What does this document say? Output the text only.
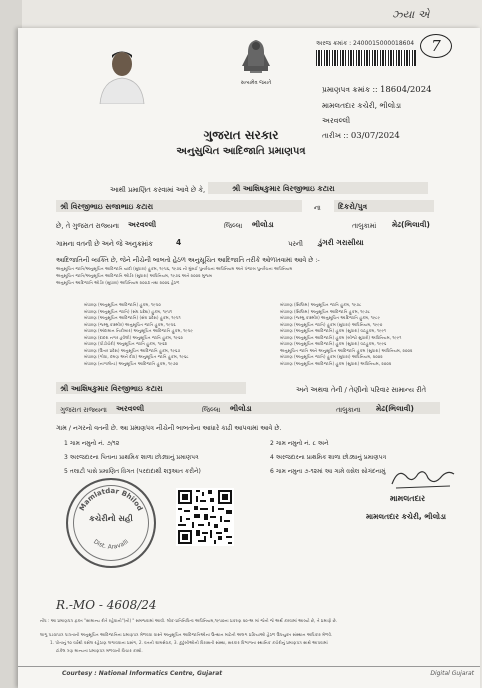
ઝ્યા એ
7
અરજ ક્રમાંક : 2400015000018604
સત્યમેવ જયતે
પ્રમાણપત્ર ક્રમાંક :: 18604/2024
મામલતદાર કચેરી, ભીલોડા
અરવલ્લી
તારીખ :: 03/07/2024
ગુજરાત સરકાર
અનુસુચિત આદિજાતિ પ્રમાણપત્ર
આથી પ્રમાણિત કરવામાં આવે છે કે,	શ્રી આશિષકુમાર વિરજીભાઇ કટારા
શ્રી વિરજીભાઇ સજાભાઇ કટારા	ના દિકરો/પુત્ર
છે, તે ગુજરાત રાજ્યના અરવલ્લી	જિલ્લા ભીલોડા	તાલુકામાં મેઢ(ભિલાવી)
ગામના વતની છે અને જે અનુક્રમાંક	4	પરની ડુંગરી ગરાસીયા
આદિજાતિની વ્યક્તિ છે, જેને નીચેની બાબતો હેઠળ અનુસૂચિત આદિજાતિ તરીકે ઓળખવામાં આવે છે :-
અનુસૂચિત જાતિ/અનુસૂચિત આદિજાતિ યાદી (સુધારા) હુકમ, ૧૯૫૬, ૧૯૭૬ નો મુંબઈ પુનર્રચના અધિનિયમ અને પંજાબ પુનર્રચના અધિનિયમ
અનુસૂચિત જાતિ/અનુસૂચિત આદિજાતિ ઓર્ડર (સુધારા) અધિનિયમ, ૧૯૭૬ અને ૨૦૦૨ મુજબ
અનુસૂચિત આદિજાતિ ઓર્ડર (સુધારા) અધિનિયમ ૨૦૦૩ તથા ૨૦૦૬ હેઠળ
બંધારણ (અનુસૂચિત આદિજાતિ) હુકમ, ૧૯૫૦
બંધારણ (અનુસૂચિત જાતિ) (સંઘ પ્રદેશ) હુકમ, ૧૯૫૧
બંધારણ (અનુસૂચિત આદિજાતિ) (સંઘ પ્રદેશ) હુકમ, ૧૯૫૧
બંધારણ (જમ્મુ કાશ્મીર) અનુસૂચિત જાતિ હુકમ, ૧૯૫૬
બંધારણ (અંદામાન નિકોબાર) અનુસૂચિત આદિજાતિ હુકમ, ૧૯૫૯
બંધારણ (દાદરા નગર હવેલી) અનુસૂચિત જાતિ હુકમ, ૧૯૬૨
બંધારણ (પોંડીચેરી) અનુસૂચિત જાતિ હુકમ, ૧૯૬૪
બંધારણ (ઉત્તર પ્રદેશ) અનુસૂચિત આદિજાતિ હુકમ, ૧૯૬૭
બંધારણ (ગોવા, દમણ અને દીવ) અનુસૂચિત જાતિ હુકમ, ૧૯૬૮
બંધારણ (નાગાલેન્ડ) અનુસૂચિત આદિજાતિ હુકમ, ૧૯૭૦
બંધારણ (સિક્કિમ) અનુસૂચિત જાતિ હુકમ, ૧૯૭૮
બંધારણ (સિક્કિમ) અનુસૂચિત આદિજાતિ હુકમ, ૧૯૭૮
બંધારણ (જમ્મુ કાશ્મીર) અનુસૂચિત આદિજાતિ હુકમ, ૧૯૮૯
બંધારણ (અનુસૂચિત જાતિ) હુકમ (સુધારા) અધિનિયમ, ૧૯૯૦
બંધારણ (અનુસૂચિત આદિજાતિ) હુકમ (સુધારા) વટહુકમ, ૧૯૯૧
બંધારણ (અનુસૂચિત આદિજાતિ) હુકમ (બીજો સુધારો) અધિનિયમ, ૧૯૯૧
બંધારણ (અનુસૂચિત આદિજાતિ) હુકમ (સુધારા) વટહુકમ, ૧૯૯૬
અનુસૂચિત જાતિ અને અનુસૂચિત આદિજાતિ હુકમ (સુધારા) અધિનિયમ, ૨૦૦૨
બંધારણ (અનુસૂચિત જાતિ) હુકમ (સુધારા) અધિનિયમ, ૨૦૦૨
બંધારણ (અનુસૂચિત આદિજાતિ) હુકમ (સુધારા) અધિનિયમ, ૨૦૦૨
શ્રી આશિષકુમાર વિરજીભાઇ કટારા	અને અથવા તેની / તેણીનો પરિવાર સામાન્ય રીતે
ગુજરાત રાજ્યના અરવલ્લી	જિલ્લા ભીલોડા	તાલુકાના મેઢ(ભિલાવી)
ગામ / નગરનો વતની છે. આ પ્રમાણપત્ર નીચેની બાબતોના આધારે કાઢી આપવામાં આવે છે.
1 ગામ નમુનો નં. ૭/૧૨	2 ગામ નમુનો નં. ૮ અને
3 અરજદારના પિતાના પ્રાથમિક શાળા છોડ્યાનું પ્રમાણપત્ર	4 અરજદારના પ્રાથમિક શાળા છોડ્યાનું પ્રમાણપત્ર
5 તલાટી પાસે પ્રમાણિત વિગત (પરદાદાથી શરૂઆત કરીને)	6 ગામ નમુના ૭-૧૨માં આ ગામે વસેલ સોગંદનામું
Mamlatdar Bhilod
Dist. Aravalli
કચેરીનો સહી
મામલતદાર
મામલતદાર કચેરી, ભીલોડા
R.-MO - 4608/24
નોંધ : આ પ્રમાણપત્ર ફક્ત "સામાન્ય રીતે રહેવાનો"(નો) " સમજવામાં આવી. લોક-પ્રતિનિધિત્વ અધિનિયમ,૧૯૫૦ના પ્રકરણ ૨૦-અ માં જેનો જે અર્થ કરવામાં આવ્યો છે, તે પ્રમાણે છે.
લાગુ પડવાપાત્ર પાત્રતાની અનુસૂચિત આદિજાતિના પ્રમાણપત્ર મેળવવા વાસ્તે અનુસૂચિત આદિજાતિઓના ઉત્થાન માટેની અલગ પ્રક્રિયાઓ હેઠળ ઉપયુક્ત સંસ્થાન અધિકાર મેળવે.
1. પોતાનું ૧૦ વર્ષથી વસેલ રહેઠાણ લગાવવાના પ્રસંગ, 2. વતની ગ્રામસેવક, 3. કુટુંબીઓની વિરાસતી સંસ્થા, સરકાર વિભાગના સ્થાનિક કચેરીનું પ્રમાણપત્ર સાથે આપવામાં
ટાંકેલ ત્રણ માન્યતા પ્રમાણપત્ર મળવાની વિચાર કરશે.
Courtesy : National Informatics Centre, Gujarat	Digital Gujarat
